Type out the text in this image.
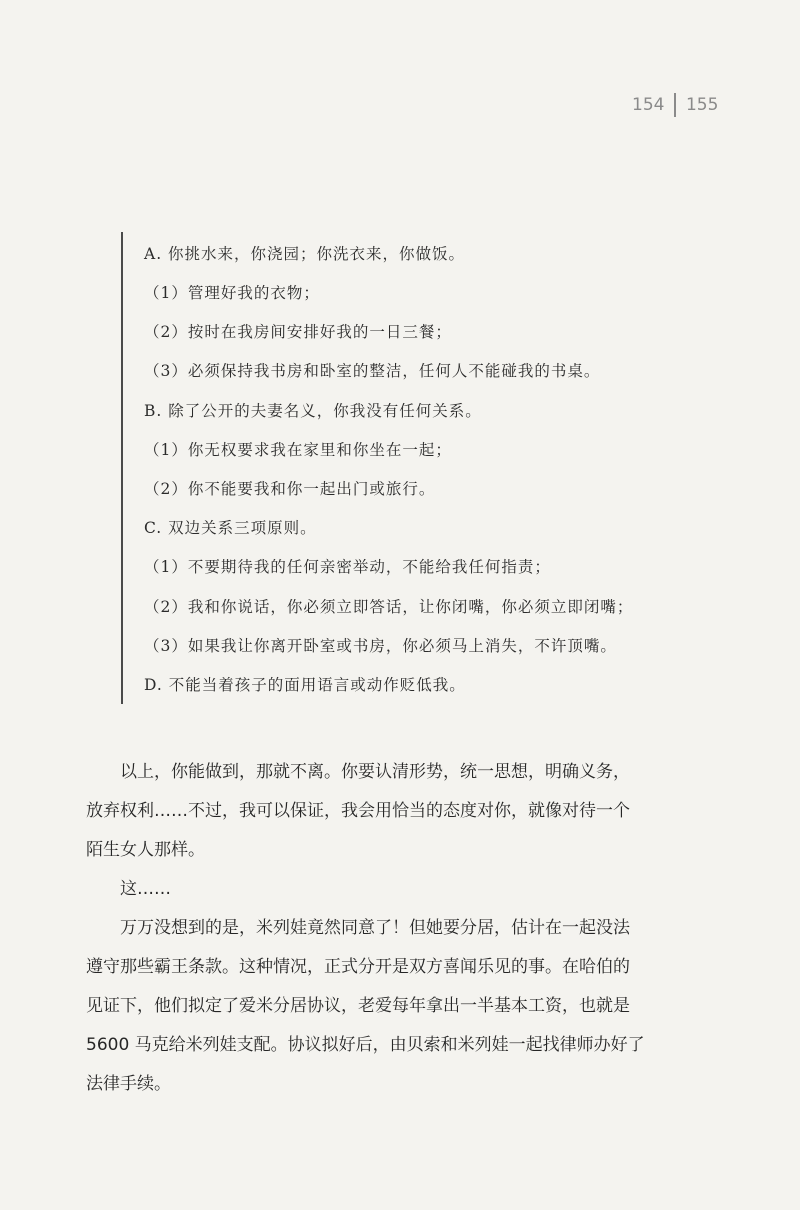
154 155
A. 你挑水来，你浇园；你洗衣来，你做饭。
（1）管理好我的衣物；
（2）按时在我房间安排好我的一日三餐；
（3）必须保持我书房和卧室的整洁，任何人不能碰我的书桌。
B. 除了公开的夫妻名义，你我没有任何关系。
（1）你无权要求我在家里和你坐在一起；
（2）你不能要我和你一起出门或旅行。
C. 双边关系三项原则。
（1）不要期待我的任何亲密举动，不能给我任何指责；
（2）我和你说话，你必须立即答话，让你闭嘴，你必须立即闭嘴；
（3）如果我让你离开卧室或书房，你必须马上消失，不许顶嘴。
D. 不能当着孩子的面用语言或动作贬低我。
以上，你能做到，那就不离。你要认清形势，统一思想，明确义务，
放弃权利……不过，我可以保证，我会用恰当的态度对你，就像对待一个
陌生女人那样。
这……
万万没想到的是，米列娃竟然同意了！但她要分居，估计在一起没法
遵守那些霸王条款。这种情况，正式分开是双方喜闻乐见的事。在哈伯的
见证下，他们拟定了爱米分居协议，老爱每年拿出一半基本工资，也就是
5600 马克给米列娃支配。协议拟好后，由贝索和米列娃一起找律师办好了
法律手续。
